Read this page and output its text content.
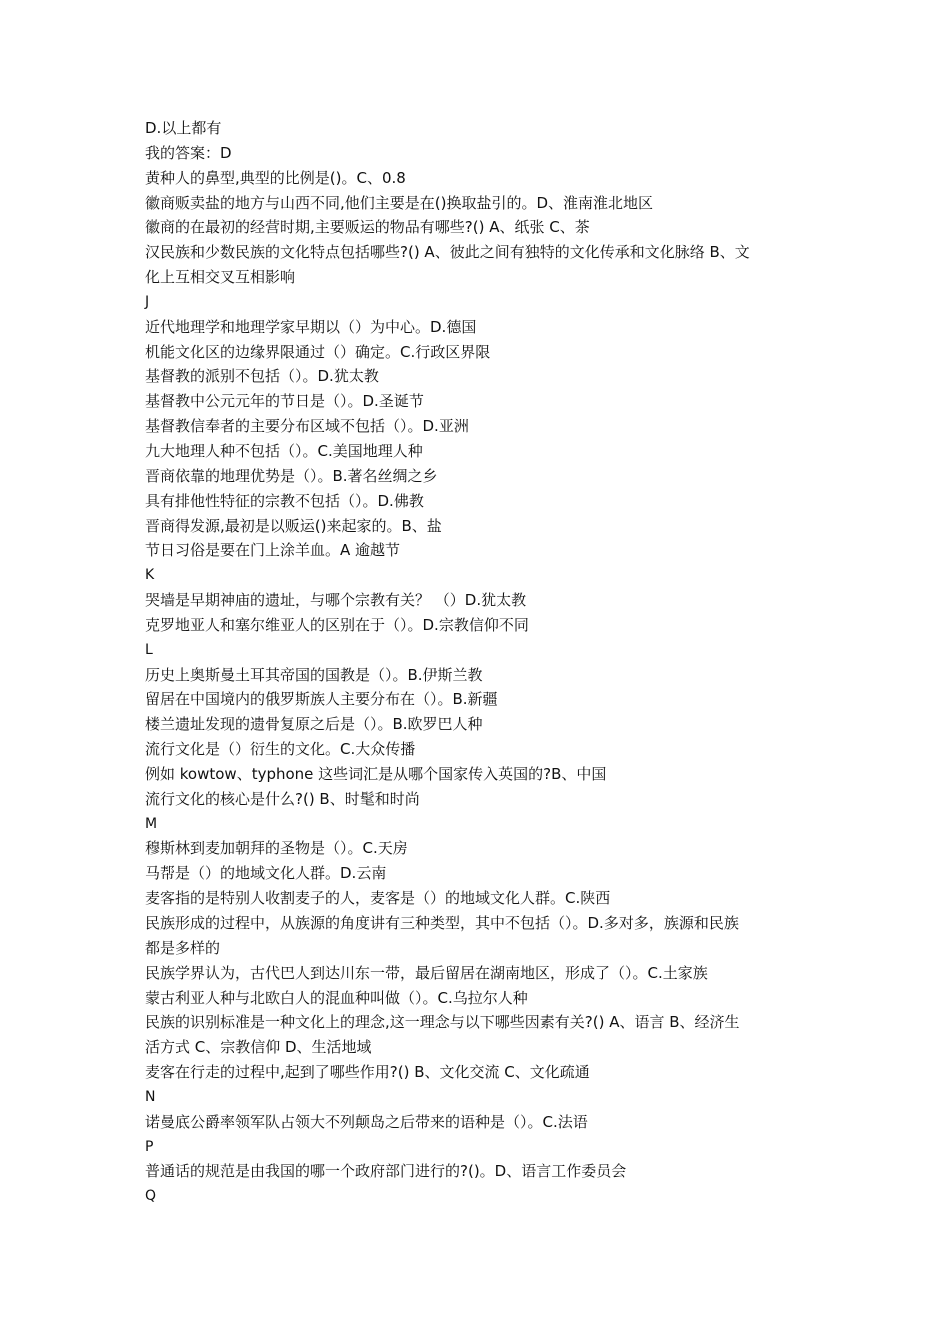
D.以上都有
我的答案：D
黄种人的鼻型,典型的比例是()。C、0.8
徽商贩卖盐的地方与山西不同,他们主要是在()换取盐引的。D、淮南淮北地区
徽商的在最初的经营时期,主要贩运的物品有哪些?() A、纸张 C、茶
汉民族和少数民族的文化特点包括哪些?() A、彼此之间有独特的文化传承和文化脉络 B、文
化上互相交叉互相影响
J
近代地理学和地理学家早期以（）为中心。D.德国
机能文化区的边缘界限通过（）确定。C.行政区界限
基督教的派别不包括（）。D.犹太教
基督教中公元元年的节日是（）。D.圣诞节
基督教信奉者的主要分布区域不包括（）。D.亚洲
九大地理人种不包括（）。C.美国地理人种
晋商依靠的地理优势是（）。B.著名丝绸之乡
具有排他性特征的宗教不包括（）。D.佛教
晋商得发源,最初是以贩运()来起家的。B、盐
节日习俗是要在门上涂羊血。A 逾越节
K
哭墙是早期神庙的遗址，与哪个宗教有关？ （）D.犹太教
克罗地亚人和塞尔维亚人的区别在于（）。D.宗教信仰不同
L
历史上奥斯曼土耳其帝国的国教是（）。B.伊斯兰教
留居在中国境内的俄罗斯族人主要分布在（）。B.新疆
楼兰遗址发现的遗骨复原之后是（）。B.欧罗巴人种
流行文化是（）衍生的文化。C.大众传播
例如 kowtow、typhone 这些词汇是从哪个国家传入英国的?B、中国
流行文化的核心是什么?() B、时髦和时尚
M
穆斯林到麦加朝拜的圣物是（）。C.天房
马帮是（）的地域文化人群。D.云南
麦客指的是特别人收割麦子的人，麦客是（）的地域文化人群。C.陕西
民族形成的过程中，从族源的角度讲有三种类型，其中不包括（）。D.多对多，族源和民族
都是多样的
民族学界认为，古代巴人到达川东一带，最后留居在湖南地区，形成了（）。C.土家族
蒙古利亚人种与北欧白人的混血种叫做（）。C.乌拉尔人种
民族的识别标准是一种文化上的理念,这一理念与以下哪些因素有关?() A、语言 B、经济生
活方式 C、宗教信仰 D、生活地域
麦客在行走的过程中,起到了哪些作用?() B、文化交流 C、文化疏通
N
诺曼底公爵率领军队占领大不列颠岛之后带来的语种是（）。C.法语
P
普通话的规范是由我国的哪一个政府部门进行的?()。D、语言工作委员会
Q
